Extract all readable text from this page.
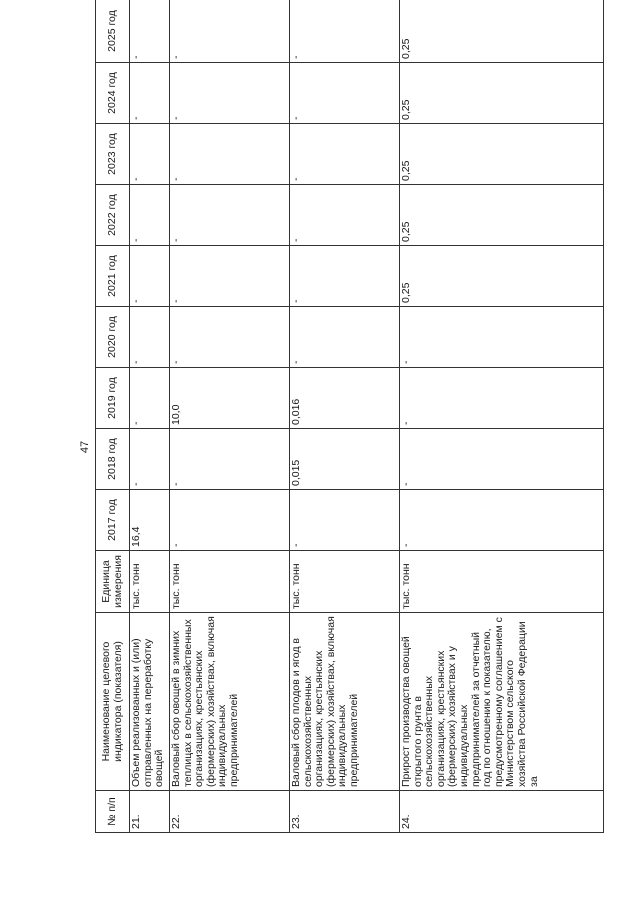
47
№ п/п	Наименование целевого индикатора (показателя)	Единица измерения	2017 год	2018 год	2019 год	2020 год	2021 год	2022 год	2023 год	2024 год	2025 год
21.	Объем реализованных и (или) отправленных на переработку овощей	тыс. тонн	16,4	-	-	-	-	-	-	-	-
22.	Валовый сбор овощей в зимних теплицах в сельскохозяйственных организациях, крестьянских (фермерских) хозяйствах, включая индивидуальных предпринимателей	тыс. тонн	-	-	10,0	-	-	-	-	-	-
23.	Валовый сбор плодов и ягод в сельскохозяйственных организациях, крестьянских (фермерских) хозяйствах, включая индивидуальных предпринимателей	тыс. тонн	-	0,015	0,016	-	-	-	-	-	-
24.	Прирост производства овощей открытого грунта в сельскохозяйственных организациях, крестьянских (фермерских) хозяйствах и у индивидуальных предпринимателей за отчетный год по отношению к показателю, предусмотренному соглашением с Министерством сельского хозяйства Российской Федерации за	тыс. тонн	-	-	-	-	0,25	0,25	0,25	0,25	0,25
